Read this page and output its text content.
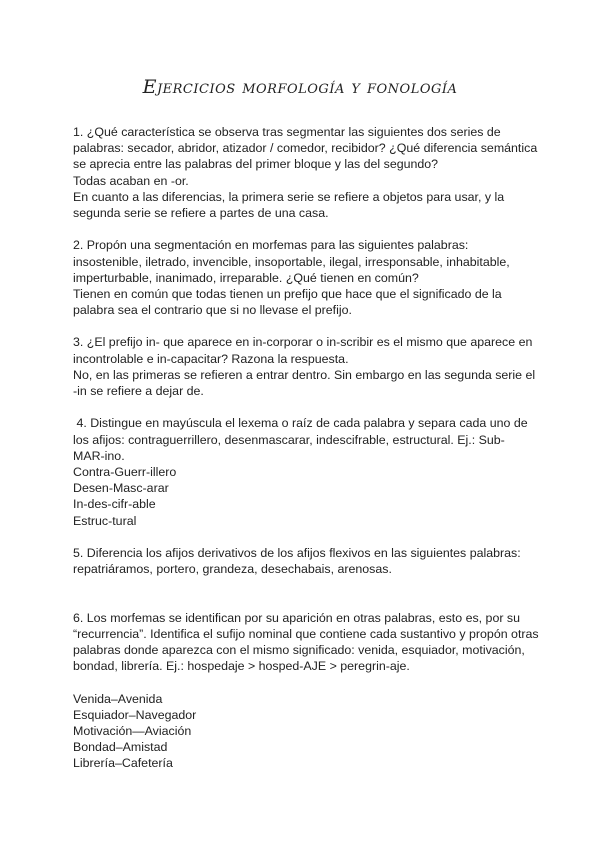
Ejercicios morfología y fonología
1. ¿Qué característica se observa tras segmentar las siguientes dos series de
palabras: secador, abridor, atizador / comedor, recibidor? ¿Qué diferencia semántica
se aprecia entre las palabras del primer bloque y las del segundo?
Todas acaban en -or.
En cuanto a las diferencias, la primera serie se refiere a objetos para usar, y la
segunda serie se refiere a partes de una casa.
2. Propón una segmentación en morfemas para las siguientes palabras:
insostenible, iletrado, invencible, insoportable, ilegal, irresponsable, inhabitable,
imperturbable, inanimado, irreparable. ¿Qué tienen en común?
Tienen en común que todas tienen un prefijo que hace que el significado de la
palabra sea el contrario que si no llevase el prefijo.
3. ¿El prefijo in- que aparece en in-corporar o in-scribir es el mismo que aparece en
incontrolable e in-capacitar? Razona la respuesta.
No, en las primeras se refieren a entrar dentro. Sin embargo en las segunda serie el
-in se refiere a dejar de.
4. Distingue en mayúscula el lexema o raíz de cada palabra y separa cada uno de
los afijos: contraguerrillero, desenmascarar, indescifrable, estructural. Ej.: Sub-
MAR-ino.
Contra-Guerr-illero
Desen-Masc-arar
In-des-cifr-able
Estruc-tural
5. Diferencia los afijos derivativos de los afijos flexivos en las siguientes palabras:
repatriáramos, portero, grandeza, desechabais, arenosas.
6. Los morfemas se identifican por su aparición en otras palabras, esto es, por su
“recurrencia”. Identifica el sufijo nominal que contiene cada sustantivo y propón otras
palabras donde aparezca con el mismo significado: venida, esquiador, motivación,
bondad, librería. Ej.: hospedaje > hosped-AJE > peregrin-aje.
Venida–Avenida
Esquiador–Navegador
Motivación—Aviación
Bondad–Amistad
Librería–Cafetería
